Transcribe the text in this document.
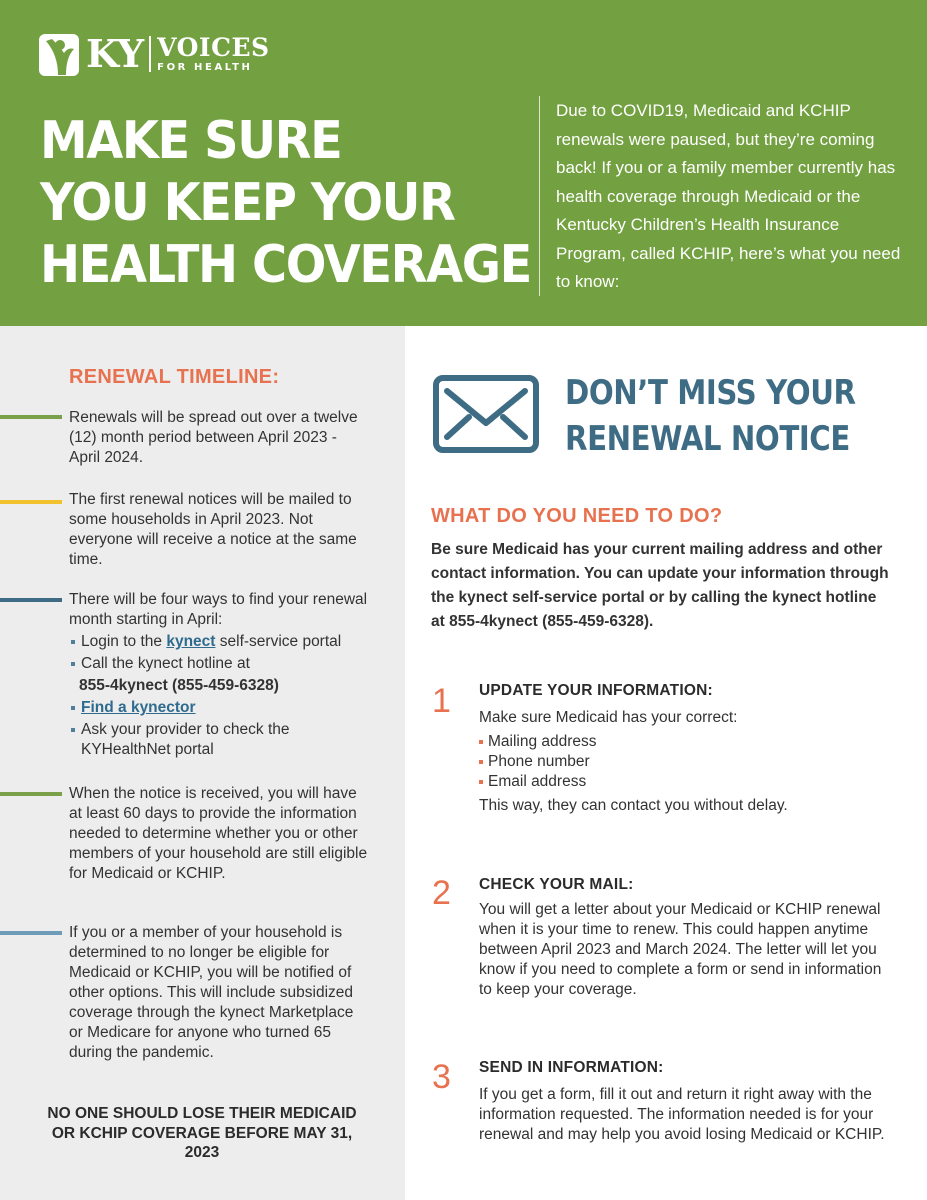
KY VOICES
FOR HEALTH
MAKE SURE
YOU KEEP YOUR
HEALTH COVERAGE

Due to COVID19, Medicaid and KCHIP renewals were paused, but they’re coming back! If you or a family member currently has health coverage through Medicaid or the Kentucky Children’s Health Insurance Program, called KCHIP, here’s what you need to know:

RENEWAL TIMELINE:
Renewals will be spread out over a twelve (12) month period between April 2023 - April 2024.
The first renewal notices will be mailed to some households in April 2023. Not everyone will receive a notice at the same time.
There will be four ways to find your renewal month starting in April:
Login to the kynect self-service portal
Call the kynect hotline at
855-4kynect (855-459-6328)
Find a kynector
Ask your provider to check the KYHealthNet portal
When the notice is received, you will have at least 60 days to provide the information needed to determine whether you or other members of your household are still eligible for Medicaid or KCHIP.
If you or a member of your household is determined to no longer be eligible for Medicaid or KCHIP, you will be notified of other options. This will include subsidized coverage through the kynect Marketplace or Medicare for anyone who turned 65 during the pandemic.
NO ONE SHOULD LOSE THEIR MEDICAID OR KCHIP COVERAGE BEFORE MAY 31, 2023
DON’T MISS YOUR
RENEWAL NOTICE
WHAT DO YOU NEED TO DO?

Be sure Medicaid has your current mailing address and other contact information. You can update your information through the kynect self-service portal or by calling the kynect hotline at 855-4kynect (855-459-6328).

1 UPDATE YOUR INFORMATION:
Make sure Medicaid has your correct:
Mailing address
Phone number
Email address
This way, they can contact you without delay.
2 CHECK YOUR MAIL:
You will get a letter about your Medicaid or KCHIP renewal when it is your time to renew. This could happen anytime between April 2023 and March 2024. The letter will let you know if you need to complete a form or send in information to keep your coverage.
3 SEND IN INFORMATION:
If you get a form, fill it out and return it right away with the information requested. The information needed is for your renewal and may help you avoid losing Medicaid or KCHIP.
